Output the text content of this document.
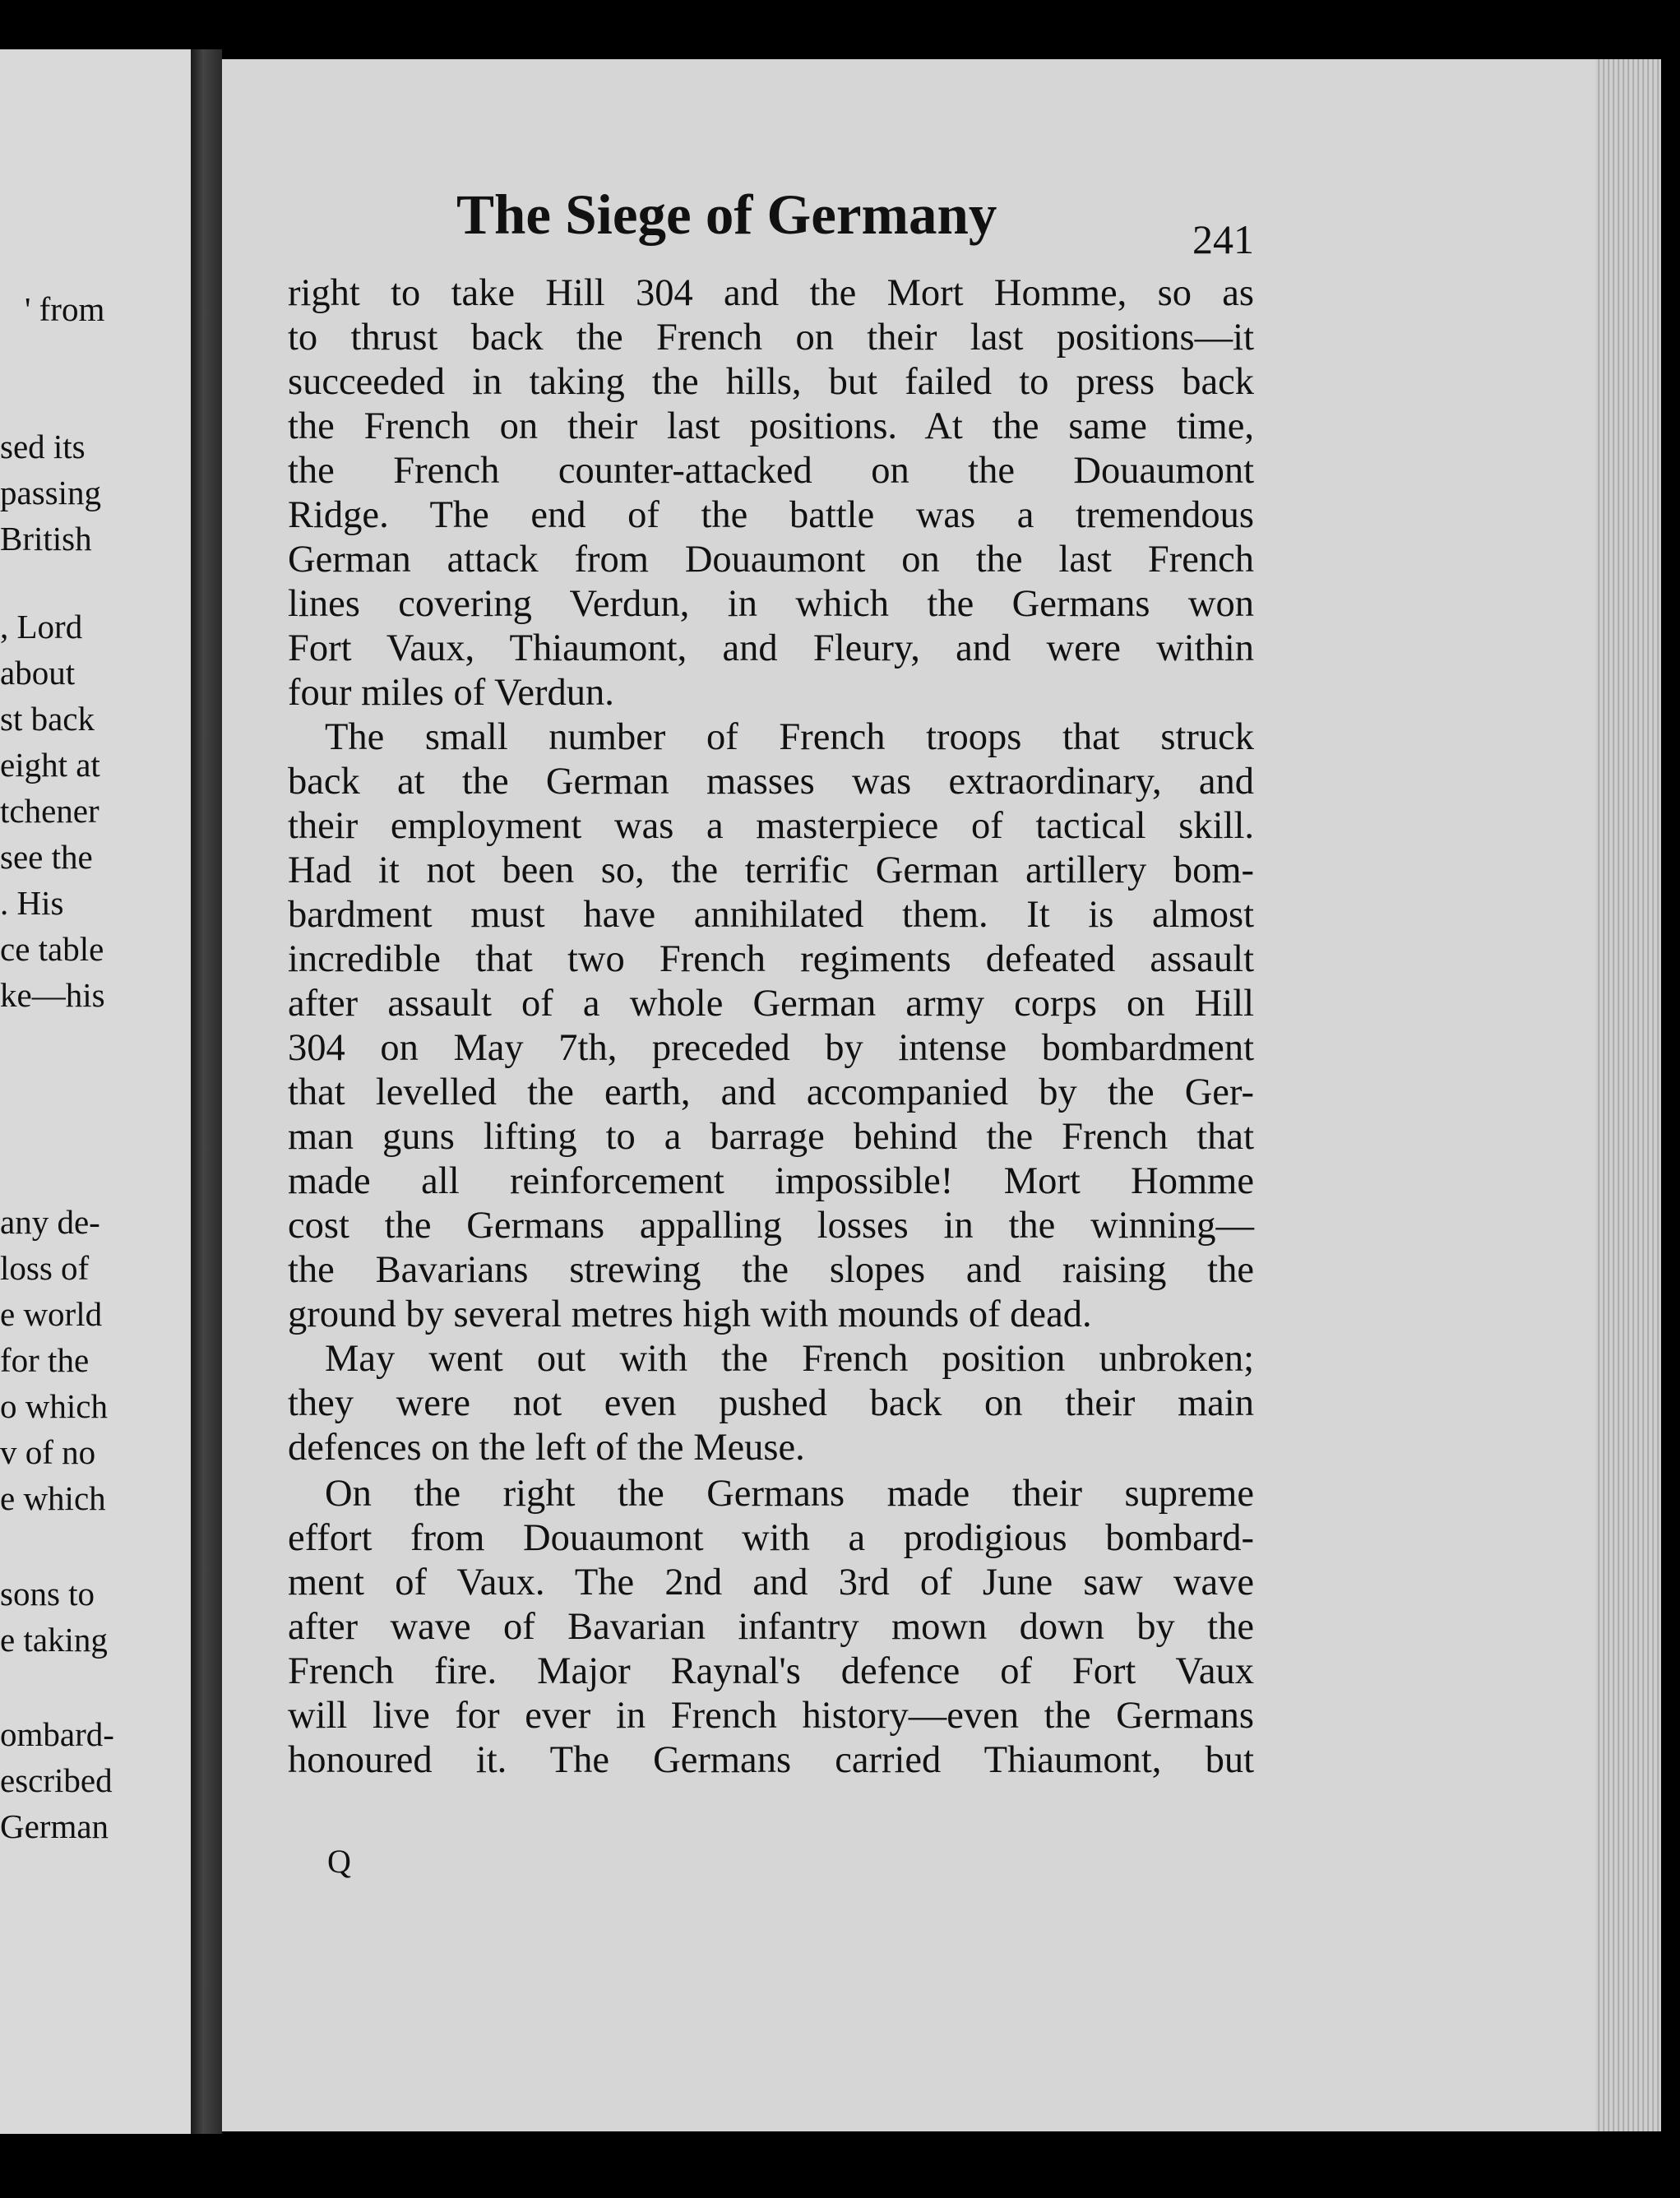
' from
sed its
passing
British
, Lord
about
st back
eight at
tchener
see the
. His
ce table
ke—his
any de-
loss of
e world
for the
o which
v of no
e which
sons to
e taking
ombard-
escribed
German
The Siege of Germany	241
right to take Hill 304 and the Mort Homme, so as
to thrust back the French on their last positions—it
succeeded in taking the hills, but failed to press back
the French on their last positions. At the same time,
the French counter-attacked on the Douaumont
Ridge. The end of the battle was a tremendous
German attack from Douaumont on the last French
lines covering Verdun, in which the Germans won
Fort Vaux, Thiaumont, and Fleury, and were within
four miles of Verdun.
The small number of French troops that struck
back at the German masses was extraordinary, and
their employment was a masterpiece of tactical skill.
Had it not been so, the terrific German artillery bom-
bardment must have annihilated them. It is almost
incredible that two French regiments defeated assault
after assault of a whole German army corps on Hill
304 on May 7th, preceded by intense bombardment
that levelled the earth, and accompanied by the Ger-
man guns lifting to a barrage behind the French that
made all reinforcement impossible! Mort Homme
cost the Germans appalling losses in the winning—
the Bavarians strewing the slopes and raising the
ground by several metres high with mounds of dead.
May went out with the French position unbroken;
they were not even pushed back on their main
defences on the left of the Meuse.
On the right the Germans made their supreme
effort from Douaumont with a prodigious bombard-
ment of Vaux. The 2nd and 3rd of June saw wave
after wave of Bavarian infantry mown down by the
French fire. Major Raynal's defence of Fort Vaux
will live for ever in French history—even the Germans
honoured it. The Germans carried Thiaumont, but
Q
